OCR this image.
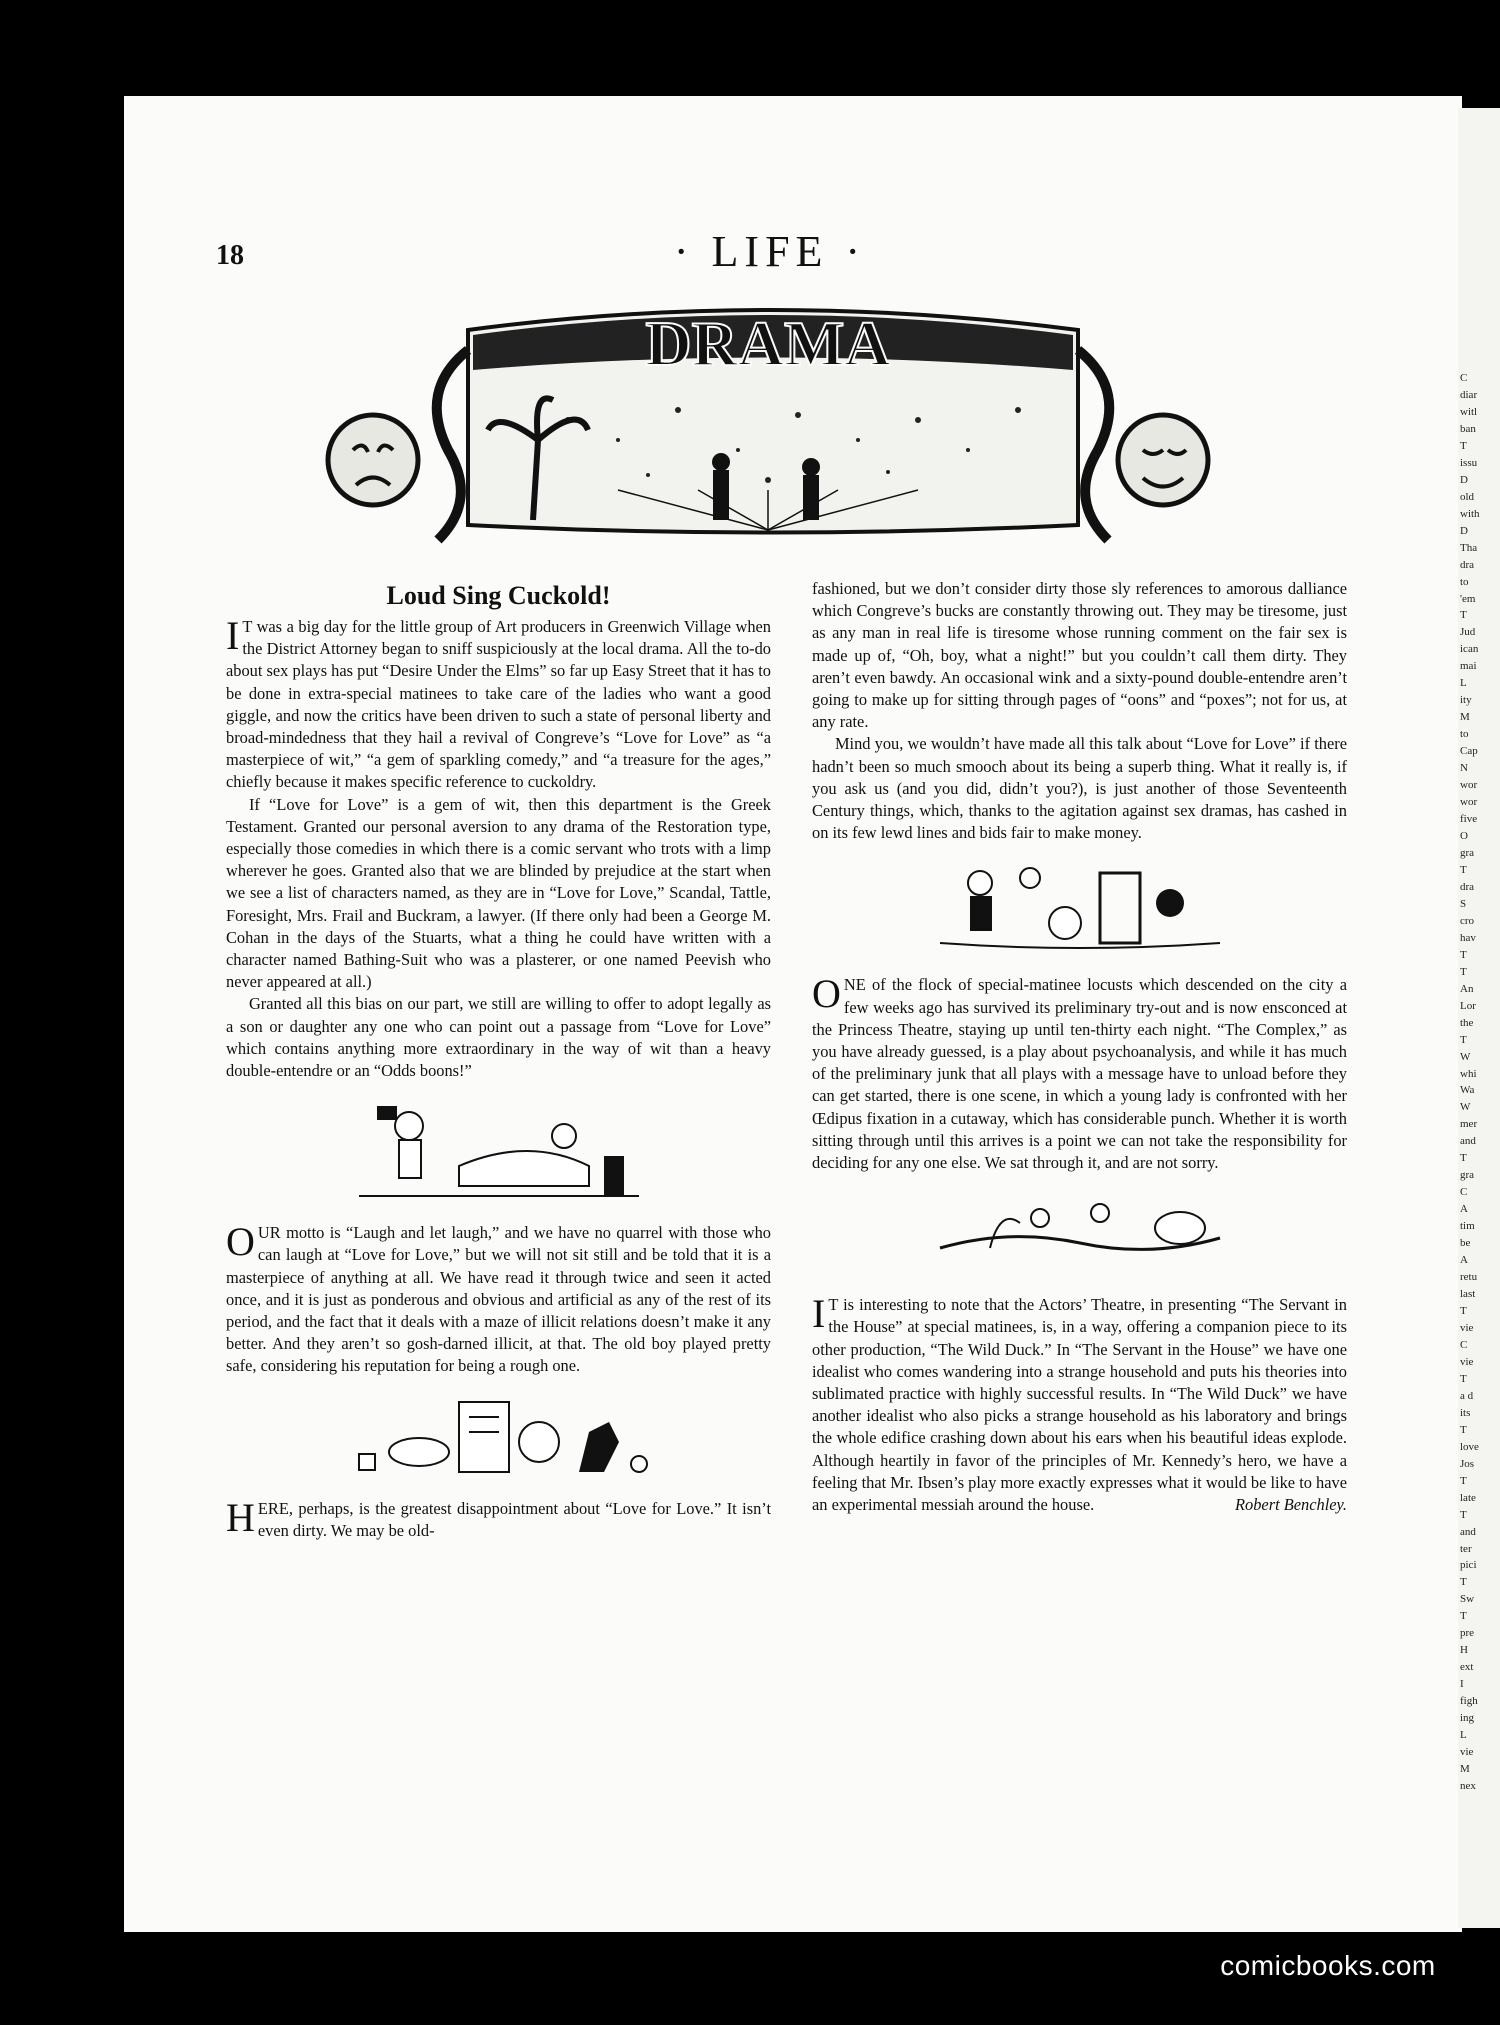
C
diar
witl
ban
T
issu
D
old
with
D
Tha
dra
to
'em
T
Jud
ican
mai
L
ity
M
to
Cap
N
wor
wor
five
O
gra
T
dra
S
cro
hav
T
T
An
Lor
the
T
W
whi
Wa
W
mer
and
T
gra
C
A
tim
be
A
retu
last
T
vie
C
vie
T
a d
its
T
love
Jos
T
late
T
and
ter
pici
T
Sw
T
pre
H
ext
I
figh
ing
L
vie
M
nex
18	· LIFE ·
DRAMA
Loud Sing Cuckold!

I T was a big day for the little group of Art producers in Greenwich Village when the District Attorney began to sniff suspiciously at the local drama. All the to-do about sex plays has put “Desire Under the Elms” so far up Easy Street that it has to be done in extra-special matinees to take care of the ladies who want a good giggle, and now the critics have been driven to such a state of personal liberty and broad-mindedness that they hail a revival of Congreve’s “Love for Love” as “a masterpiece of wit,” “a gem of sparkling comedy,” and “a treasure for the ages,” chiefly because it makes specific reference to cuckoldry.

If “Love for Love” is a gem of wit, then this department is the Greek Testament. Granted our personal aversion to any drama of the Restoration type, especially those comedies in which there is a comic servant who trots with a limp wherever he goes. Granted also that we are blinded by prejudice at the start when we see a list of characters named, as they are in “Love for Love,” Scandal, Tattle, Foresight, Mrs. Frail and Buckram, a lawyer. (If there only had been a George M. Cohan in the days of the Stuarts, what a thing he could have written with a character named Bathing-Suit who was a plasterer, or one named Peevish who never appeared at all.)

Granted all this bias on our part, we still are willing to offer to adopt legally as a son or daughter any one who can point out a passage from “Love for Love” which contains anything more extraordinary in the way of wit than a heavy double-entendre or an “Odds boons!”

OUR motto is “Laugh and let laugh,” and we have no quarrel with those who can laugh at “Love for Love,” but we will not sit still and be told that it is a masterpiece of anything at all. We have read it through twice and seen it acted once, and it is just as ponderous and obvious and artificial as any of the rest of its period, and the fact that it deals with a maze of illicit relations doesn’t make it any better. And they aren’t so gosh-darned illicit, at that. The old boy played pretty safe, considering his reputation for being a rough one.

HERE, perhaps, is the greatest disappointment about “Love for Love.” It isn’t even dirty. We may be old-

fashioned, but we don’t consider dirty those sly references to amorous dalliance which Congreve’s bucks are constantly throwing out. They may be tiresome, just as any man in real life is tiresome whose running comment on the fair sex is made up of, “Oh, boy, what a night!” but you couldn’t call them dirty. They aren’t even bawdy. An occasional wink and a sixty-pound double-entendre aren’t going to make up for sitting through pages of “oons” and “poxes”; not for us, at any rate.

Mind you, we wouldn’t have made all this talk about “Love for Love” if there hadn’t been so much smooch about its being a superb thing. What it really is, if you ask us (and you did, didn’t you?), is just another of those Seventeenth Century things, which, thanks to the agitation against sex dramas, has cashed in on its few lewd lines and bids fair to make money.

ONE of the flock of special-matinee locusts which descended on the city a few weeks ago has survived its preliminary try-out and is now ensconced at the Princess Theatre, staying up until ten-thirty each night. “The Complex,” as you have already guessed, is a play about psychoanalysis, and while it has much of the preliminary junk that all plays with a message have to unload before they can get started, there is one scene, in which a young lady is confronted with her Œdipus fixation in a cutaway, which has considerable punch. Whether it is worth sitting through until this arrives is a point we can not take the responsibility for deciding for any one else. We sat through it, and are not sorry.

I T is interesting to note that the Actors’ Theatre, in presenting “The Servant in the House” at special matinees, is, in a way, offering a companion piece to its other production, “The Wild Duck.” In “The Servant in the House” we have one idealist who comes wandering into a strange household and puts his theories into sublimated practice with highly successful results. In “The Wild Duck” we have another idealist who also picks a strange household as his laboratory and brings the whole edifice crashing down about his ears when his beautiful ideas explode. Although heartily in favor of the principles of Mr. Kennedy’s hero, we have a feeling that Mr. Ibsen’s play more exactly expresses what it would be like to have an experimental messiah around the house.	Robert Benchley.

comicbooks.com
